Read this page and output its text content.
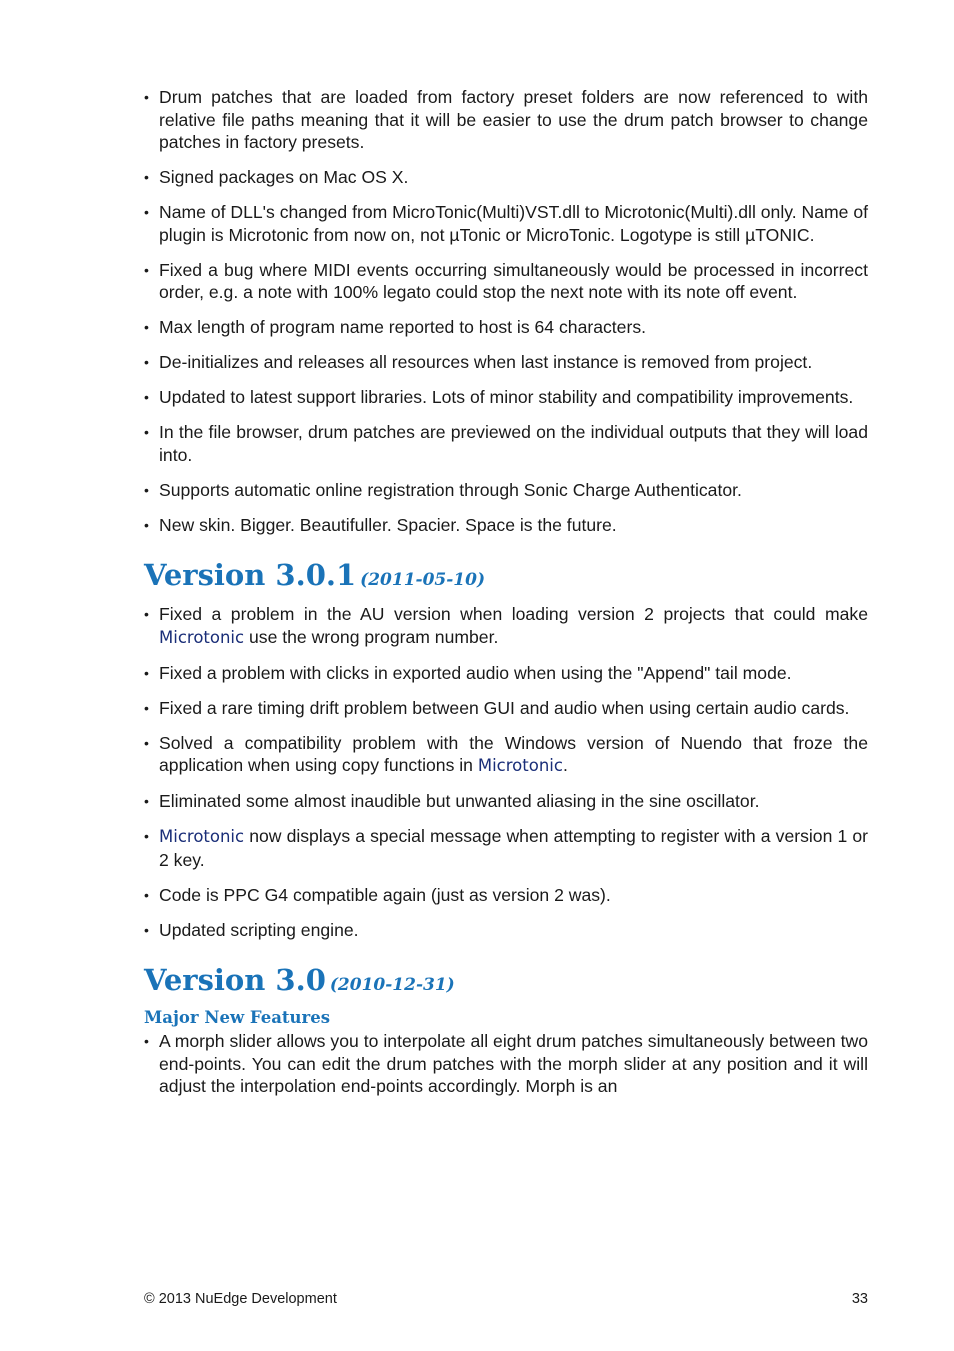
• Drum patches that are loaded from factory preset folders are now referenced to with relative file paths meaning that it will be easier to use the drum patch browser to change patches in factory presets.
• Signed packages on Mac OS X.
• Name of DLL's changed from MicroTonic(Multi)VST.dll to Microtonic(Multi).dll only. Name of plugin is Microtonic from now on, not µTonic or MicroTonic. Logotype is still µTONIC.
• Fixed a bug where MIDI events occurring simultaneously would be processed in incorrect order, e.g. a note with 100% legato could stop the next note with its note off event.
• Max length of program name reported to host is 64 characters.
• De-initializes and releases all resources when last instance is removed from project.
• Updated to latest support libraries. Lots of minor stability and compatibility improvements.
• In the file browser, drum patches are previewed on the individual outputs that they will load into.
• Supports automatic online registration through Sonic Charge Authenticator.
• New skin. Bigger. Beautifuller. Spacier. Space is the future.
Version 3.0.1 (2011-05-10)
• Fixed a problem in the AU version when loading version 2 projects that could make Microtonic use the wrong program number.
• Fixed a problem with clicks in exported audio when using the "Append" tail mode.
• Fixed a rare timing drift problem between GUI and audio when using certain audio cards.
• Solved a compatibility problem with the Windows version of Nuendo that froze the application when using copy functions in Microtonic.
• Eliminated some almost inaudible but unwanted aliasing in the sine oscillator.
• Microtonic now displays a special message when attempting to register with a version 1 or 2 key.
• Code is PPC G4 compatible again (just as version 2 was).
• Updated scripting engine.
Version 3.0 (2010-12-31)
Major New Features
• A morph slider allows you to interpolate all eight drum patches simultaneously between two end-points. You can edit the drum patches with the morph slider at any position and it will adjust the interpolation end-points accordingly. Morph is an
© 2013 NuEdge Development	33
